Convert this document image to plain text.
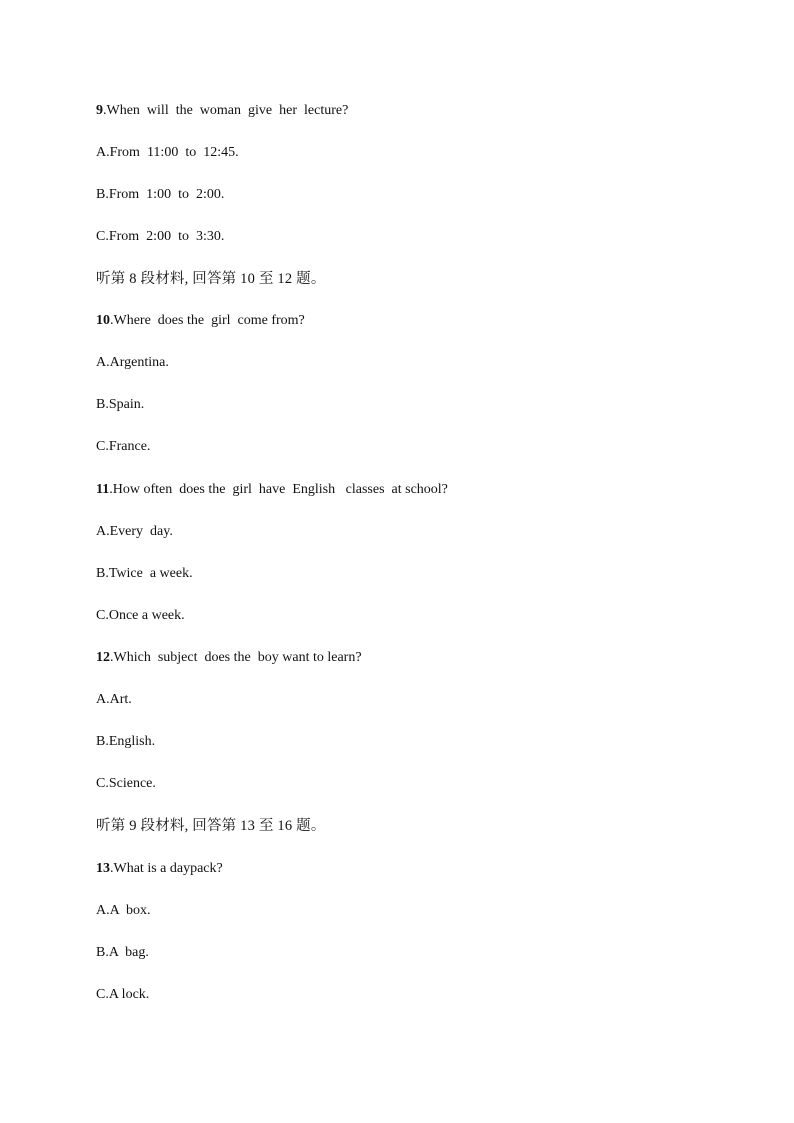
9.When  will  the  woman  give  her  lecture?
A.From  11:00  to  12:45.
B.From  1:00  to  2:00.
C.From  2:00  to  3:30.
听第 8 段材料, 回答第 10 至 12 题。
10.Where  does the  girl  come from?
A.Argentina.
B.Spain.
C.France.
11.How often  does the  girl  have  English   classes  at school?
A.Every  day.
B.Twice  a week.
C.Once a week.
12.Which  subject  does the  boy want to learn?
A.Art.
B.English.
C.Science.
听第 9 段材料, 回答第 13 至 16 题。
13.What is a daypack?
A.A  box.
B.A  bag.
C.A lock.
